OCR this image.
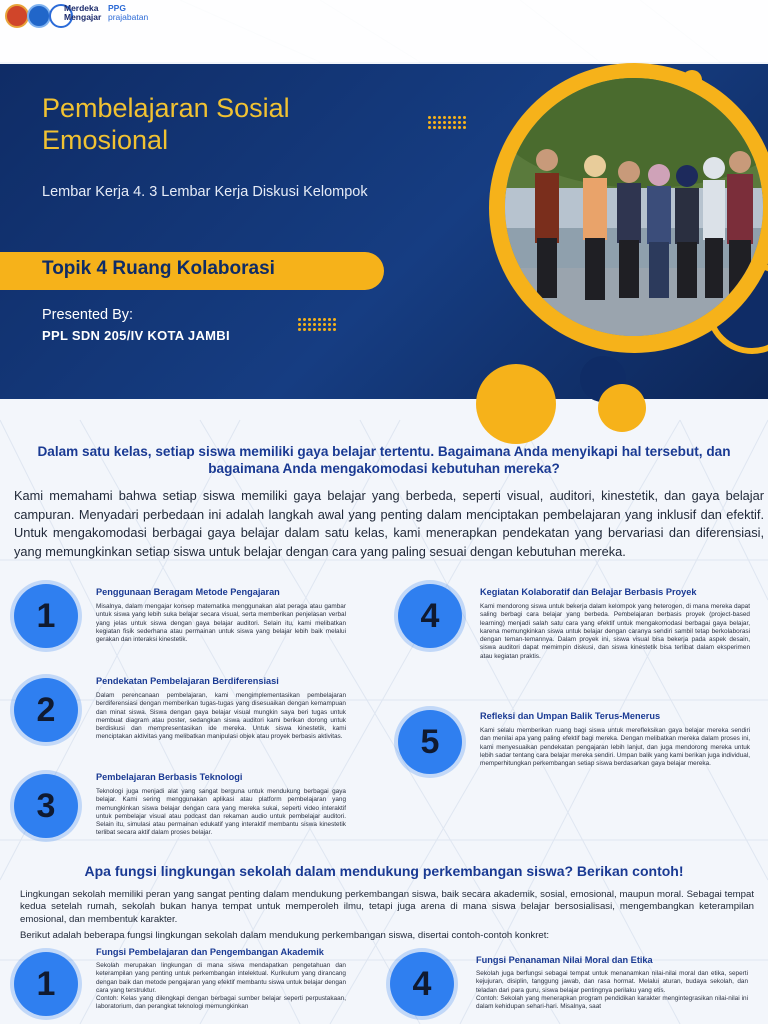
Merdeka
Mengajar
PPG
prajabatan
Pembelajaran Sosial Emosional
Lembar Kerja 4. 3 Lembar Kerja Diskusi Kelompok
Topik 4 Ruang Kolaborasi
Presented By:
PPL SDN 205/IV KOTA JAMBI
Dalam satu kelas, setiap siswa memiliki gaya belajar tertentu. Bagaimana Anda menyikapi hal tersebut, dan bagaimana Anda mengakomodasi kebutuhan mereka?
Kami memahami bahwa setiap siswa memiliki gaya belajar yang berbeda, seperti visual, auditori, kinestetik, dan gaya belajar campuran. Menyadari perbedaan ini adalah langkah awal yang penting dalam menciptakan pembelajaran yang inklusif dan efektif. Untuk mengakomodasi berbagai gaya belajar dalam satu kelas, kami menerapkan pendekatan yang bervariasi dan diferensiasi, yang memungkinkan setiap siswa untuk belajar dengan cara yang paling sesuai dengan kebutuhan mereka.
1
Penggunaan Beragam Metode Pengajaran
Misalnya, dalam mengajar konsep matematika menggunakan alat peraga atau gambar untuk siswa yang lebih suka belajar secara visual, serta memberikan penjelasan verbal yang jelas untuk siswa dengan gaya belajar auditori. Selain itu, kami melibatkan kegiatan fisik sederhana atau permainan untuk siswa yang belajar lebih baik melalui gerakan dan interaksi kinestetik.
2
Pendekatan Pembelajaran Berdiferensiasi
Dalam perencanaan pembelajaran, kami mengimplementasikan pembelajaran berdiferensiasi dengan memberikan tugas-tugas yang disesuaikan dengan kemampuan dan minat siswa. Siswa dengan gaya belajar visual mungkin saya beri tugas untuk membuat diagram atau poster, sedangkan siswa auditori kami berikan dorong untuk berdiskusi dan mempresentasikan ide mereka. Untuk siswa kinestetik, kami menciptakan aktivitas yang melibatkan manipulasi objek atau proyek berbasis aktivitas.
3
Pembelajaran Berbasis Teknologi
Teknologi juga menjadi alat yang sangat berguna untuk mendukung berbagai gaya belajar. Kami sering menggunakan aplikasi atau platform pembelajaran yang memungkinkan siswa belajar dengan cara yang mereka sukai, seperti video interaktif untuk pembelajar visual atau podcast dan rekaman audio untuk pembelajar auditori. Selain itu, simulasi atau permainan edukatif yang interaktif membantu siswa kinestetik terlibat secara aktif dalam proses belajar.
4
Kegiatan Kolaboratif dan Belajar Berbasis Proyek
Kami mendorong siswa untuk bekerja dalam kelompok yang heterogen, di mana mereka dapat saling berbagi cara belajar yang berbeda. Pembelajaran berbasis proyek (project-based learning) menjadi salah satu cara yang efektif untuk mengakomodasi berbagai gaya belajar, karena memungkinkan siswa untuk belajar dengan caranya sendiri sambil tetap berkolaborasi dengan teman-temannya. Dalam proyek ini, siswa visual bisa bekerja pada aspek desain, siswa auditori dapat memimpin diskusi, dan siswa kinestetik bisa terlibat dalam eksperimen atau kegiatan praktis.
5
Refleksi dan Umpan Balik Terus-Menerus
Kami selalu memberikan ruang bagi siswa untuk merefleksikan gaya belajar mereka sendiri dan menilai apa yang paling efektif bagi mereka. Dengan melibatkan mereka dalam proses ini, kami menyesuaikan pendekatan pengajaran lebih lanjut, dan juga mendorong mereka untuk lebih sadar tentang cara belajar mereka sendiri. Umpan balik yang kami berikan juga individual, memperhitungkan perkembangan setiap siswa berdasarkan gaya belajar mereka.
Apa fungsi lingkungan sekolah dalam mendukung perkembangan siswa? Berikan contoh!
Lingkungan sekolah memiliki peran yang sangat penting dalam mendukung perkembangan siswa, baik secara akademik, sosial, emosional, maupun moral. Sebagai tempat kedua setelah rumah, sekolah bukan hanya tempat untuk memperoleh ilmu, tetapi juga arena di mana siswa belajar bersosialisasi, mengembangkan keterampilan emosional, dan membentuk karakter.
Berikut adalah beberapa fungsi lingkungan sekolah dalam mendukung perkembangan siswa, disertai contoh-contoh konkret:
1
Fungsi Pembelajaran dan Pengembangan Akademik
Sekolah merupakan lingkungan di mana siswa mendapatkan pengetahuan dan keterampilan yang penting untuk perkembangan intelektual. Kurikulum yang dirancang dengan baik dan metode pengajaran yang efektif membantu siswa untuk belajar dengan cara yang terstruktur.
Contoh: Kelas yang dilengkapi dengan berbagai sumber belajar seperti perpustakaan, laboratorium, dan perangkat teknologi memungkinkan
4
Fungsi Penanaman Nilai Moral dan Etika
Sekolah juga berfungsi sebagai tempat untuk menanamkan nilai-nilai moral dan etika, seperti kejujuran, disiplin, tanggung jawab, dan rasa hormat. Melalui aturan, budaya sekolah, dan teladan dari para guru, siswa belajar pentingnya perilaku yang etis.
Contoh: Sekolah yang menerapkan program pendidikan karakter mengintegrasikan nilai-nilai ini dalam kehidupan sehari-hari. Misalnya, saat
